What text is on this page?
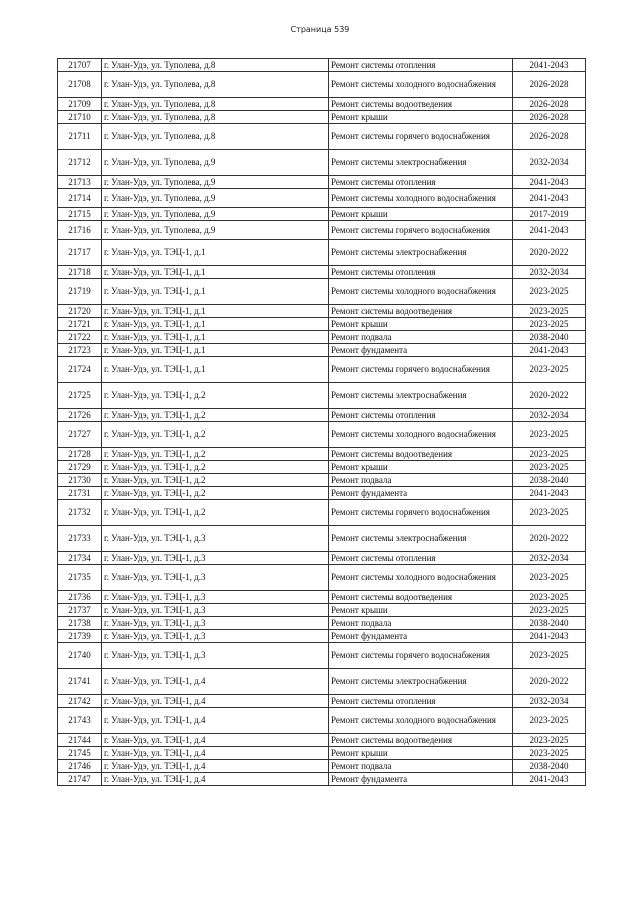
Страница 539
21707	г. Улан-Удэ, ул. Туполева, д.8	Ремонт системы отопления	2041-2043
21708	г. Улан-Удэ, ул. Туполева, д.8	Ремонт системы холодного водоснабжения	2026-2028
21709	г. Улан-Удэ, ул. Туполева, д.8	Ремонт системы водоотведения	2026-2028
21710	г. Улан-Удэ, ул. Туполева, д.8	Ремонт крыши	2026-2028
21711	г. Улан-Удэ, ул. Туполева, д.8	Ремонт системы горячего водоснабжения	2026-2028
21712	г. Улан-Удэ, ул. Туполева, д.9	Ремонт системы электроснабжения	2032-2034
21713	г. Улан-Удэ, ул. Туполева, д.9	Ремонт системы отопления	2041-2043
21714	г. Улан-Удэ, ул. Туполева, д.9	Ремонт системы холодного водоснабжения	2041-2043
21715	г. Улан-Удэ, ул. Туполева, д.9	Ремонт крыши	2017-2019
21716	г. Улан-Удэ, ул. Туполева, д.9	Ремонт системы горячего водоснабжения	2041-2043
21717	г. Улан-Удэ, ул. ТЭЦ-1, д.1	Ремонт системы электроснабжения	2020-2022
21718	г. Улан-Удэ, ул. ТЭЦ-1, д.1	Ремонт системы отопления	2032-2034
21719	г. Улан-Удэ, ул. ТЭЦ-1, д.1	Ремонт системы холодного водоснабжения	2023-2025
21720	г. Улан-Удэ, ул. ТЭЦ-1, д.1	Ремонт системы водоотведения	2023-2025
21721	г. Улан-Удэ, ул. ТЭЦ-1, д.1	Ремонт крыши	2023-2025
21722	г. Улан-Удэ, ул. ТЭЦ-1, д.1	Ремонт подвала	2038-2040
21723	г. Улан-Удэ, ул. ТЭЦ-1, д.1	Ремонт фундамента	2041-2043
21724	г. Улан-Удэ, ул. ТЭЦ-1, д.1	Ремонт системы горячего водоснабжения	2023-2025
21725	г. Улан-Удэ, ул. ТЭЦ-1, д.2	Ремонт системы электроснабжения	2020-2022
21726	г. Улан-Удэ, ул. ТЭЦ-1, д.2	Ремонт системы отопления	2032-2034
21727	г. Улан-Удэ, ул. ТЭЦ-1, д.2	Ремонт системы холодного водоснабжения	2023-2025
21728	г. Улан-Удэ, ул. ТЭЦ-1, д.2	Ремонт системы водоотведения	2023-2025
21729	г. Улан-Удэ, ул. ТЭЦ-1, д.2	Ремонт крыши	2023-2025
21730	г. Улан-Удэ, ул. ТЭЦ-1, д.2	Ремонт подвала	2038-2040
21731	г. Улан-Удэ, ул. ТЭЦ-1, д.2	Ремонт фундамента	2041-2043
21732	г. Улан-Удэ, ул. ТЭЦ-1, д.2	Ремонт системы горячего водоснабжения	2023-2025
21733	г. Улан-Удэ, ул. ТЭЦ-1, д.3	Ремонт системы электроснабжения	2020-2022
21734	г. Улан-Удэ, ул. ТЭЦ-1, д.3	Ремонт системы отопления	2032-2034
21735	г. Улан-Удэ, ул. ТЭЦ-1, д.3	Ремонт системы холодного водоснабжения	2023-2025
21736	г. Улан-Удэ, ул. ТЭЦ-1, д.3	Ремонт системы водоотведения	2023-2025
21737	г. Улан-Удэ, ул. ТЭЦ-1, д.3	Ремонт крыши	2023-2025
21738	г. Улан-Удэ, ул. ТЭЦ-1, д.3	Ремонт подвала	2038-2040
21739	г. Улан-Удэ, ул. ТЭЦ-1, д.3	Ремонт фундамента	2041-2043
21740	г. Улан-Удэ, ул. ТЭЦ-1, д.3	Ремонт системы горячего водоснабжения	2023-2025
21741	г. Улан-Удэ, ул. ТЭЦ-1, д.4	Ремонт системы электроснабжения	2020-2022
21742	г. Улан-Удэ, ул. ТЭЦ-1, д.4	Ремонт системы отопления	2032-2034
21743	г. Улан-Удэ, ул. ТЭЦ-1, д.4	Ремонт системы холодного водоснабжения	2023-2025
21744	г. Улан-Удэ, ул. ТЭЦ-1, д.4	Ремонт системы водоотведения	2023-2025
21745	г. Улан-Удэ, ул. ТЭЦ-1, д.4	Ремонт крыши	2023-2025
21746	г. Улан-Удэ, ул. ТЭЦ-1, д.4	Ремонт подвала	2038-2040
21747	г. Улан-Удэ, ул. ТЭЦ-1, д.4	Ремонт фундамента	2041-2043
